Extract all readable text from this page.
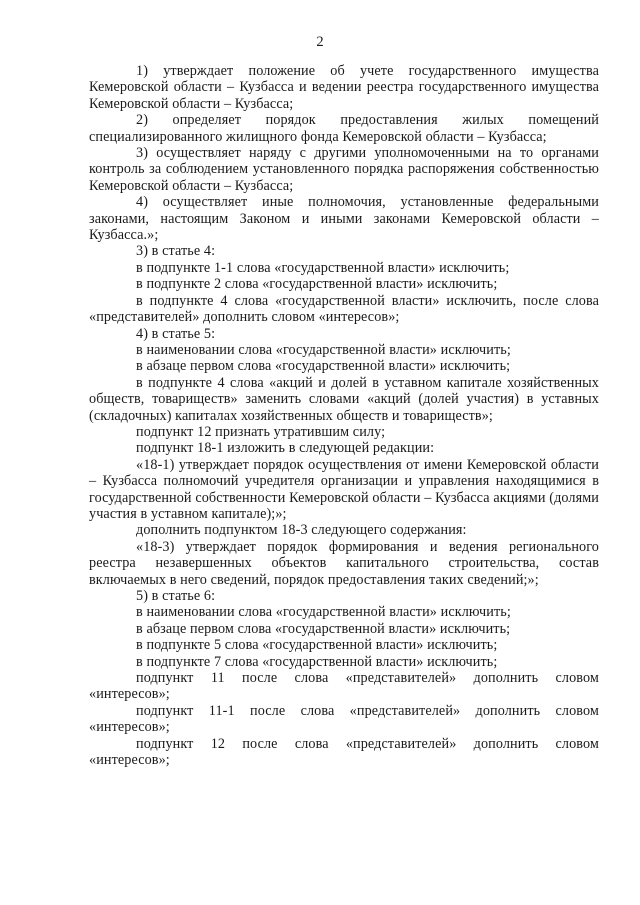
2

1) утверждает положение об учете государственного имущества Кемеровской области – Кузбасса и ведении реестра государственного имущества Кемеровской области – Кузбасса;

2) определяет порядок предоставления жилых помещений специализированного жилищного фонда Кемеровской области – Кузбасса;

3) осуществляет наряду с другими уполномоченными на то органами контроль за соблюдением установленного порядка распоряжения собственностью Кемеровской области – Кузбасса;

4) осуществляет иные полномочия, установленные федеральными законами, настоящим Законом и иными законами Кемеровской области – Кузбасса.»;

3) в статье 4:

в подпункте 1-1 слова «государственной власти» исключить;

в подпункте 2 слова «государственной власти» исключить;

в подпункте 4 слова «государственной власти» исключить, после слова «представителей» дополнить словом «интересов»;

4) в статье 5:

в наименовании слова «государственной власти» исключить;

в абзаце первом слова «государственной власти» исключить;

в подпункте 4 слова «акций и долей в уставном капитале хозяйственных обществ, товариществ» заменить словами «акций (долей участия) в уставных (складочных) капиталах хозяйственных обществ и товариществ»;

подпункт 12 признать утратившим силу;

подпункт 18-1 изложить в следующей редакции:

«18-1) утверждает порядок осуществления от имени Кемеровской области – Кузбасса полномочий учредителя организации и управления находящимися в государственной собственности Кемеровской области – Кузбасса акциями (долями участия в уставном капитале);»;

дополнить подпунктом 18-3 следующего содержания:

«18-3) утверждает порядок формирования и ведения регионального реестра незавершенных объектов капитального строительства, состав включаемых в него сведений, порядок предоставления таких сведений;»;

5) в статье 6:

в наименовании слова «государственной власти» исключить;

в абзаце первом слова «государственной власти» исключить;

в подпункте 5 слова «государственной власти» исключить;

в подпункте 7 слова «государственной власти» исключить;

подпункт 11 после слова «представителей» дополнить словом «интересов»;

подпункт 11-1 после слова «представителей» дополнить словом «интересов»;

подпункт 12 после слова «представителей» дополнить словом «интересов»;
